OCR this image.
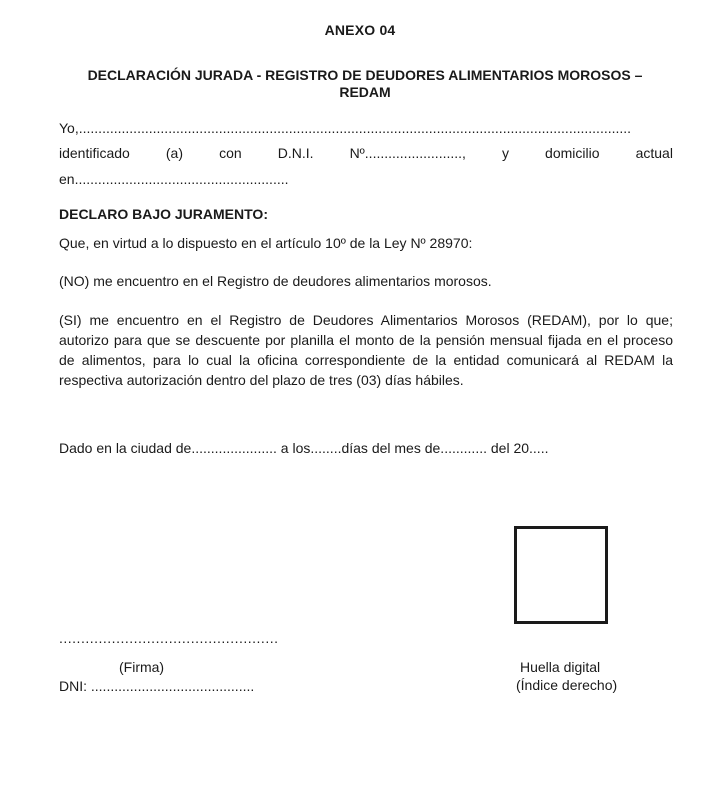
ANEXO 04
DECLARACIÓN JURADA - REGISTRO DE DEUDORES ALIMENTARIOS MOROSOS – REDAM
Yo,..............................................................................................................................................
identificado	(a)	con	D.N.I.	Nº.........................,	y	domicilio	actual
en.......................................................
DECLARO BAJO JURAMENTO:
Que, en virtud a lo dispuesto en el artículo 10º de la Ley Nº 28970:
(NO) me encuentro en el Registro de deudores alimentarios morosos.
(SI) me encuentro en el Registro de Deudores Alimentarios Morosos (REDAM), por lo que; autorizo para que se descuente por planilla el monto de la pensión mensual fijada en el proceso de alimentos, para lo cual la oficina correspondiente de la entidad comunicará al REDAM la respectiva autorización dentro del plazo de tres (03) días hábiles.
Dado en la ciudad de...................... a los........días del mes de............ del 20.....
..................................................
(Firma)
DNI: ..........................................
Huella digital
(Índice derecho)
